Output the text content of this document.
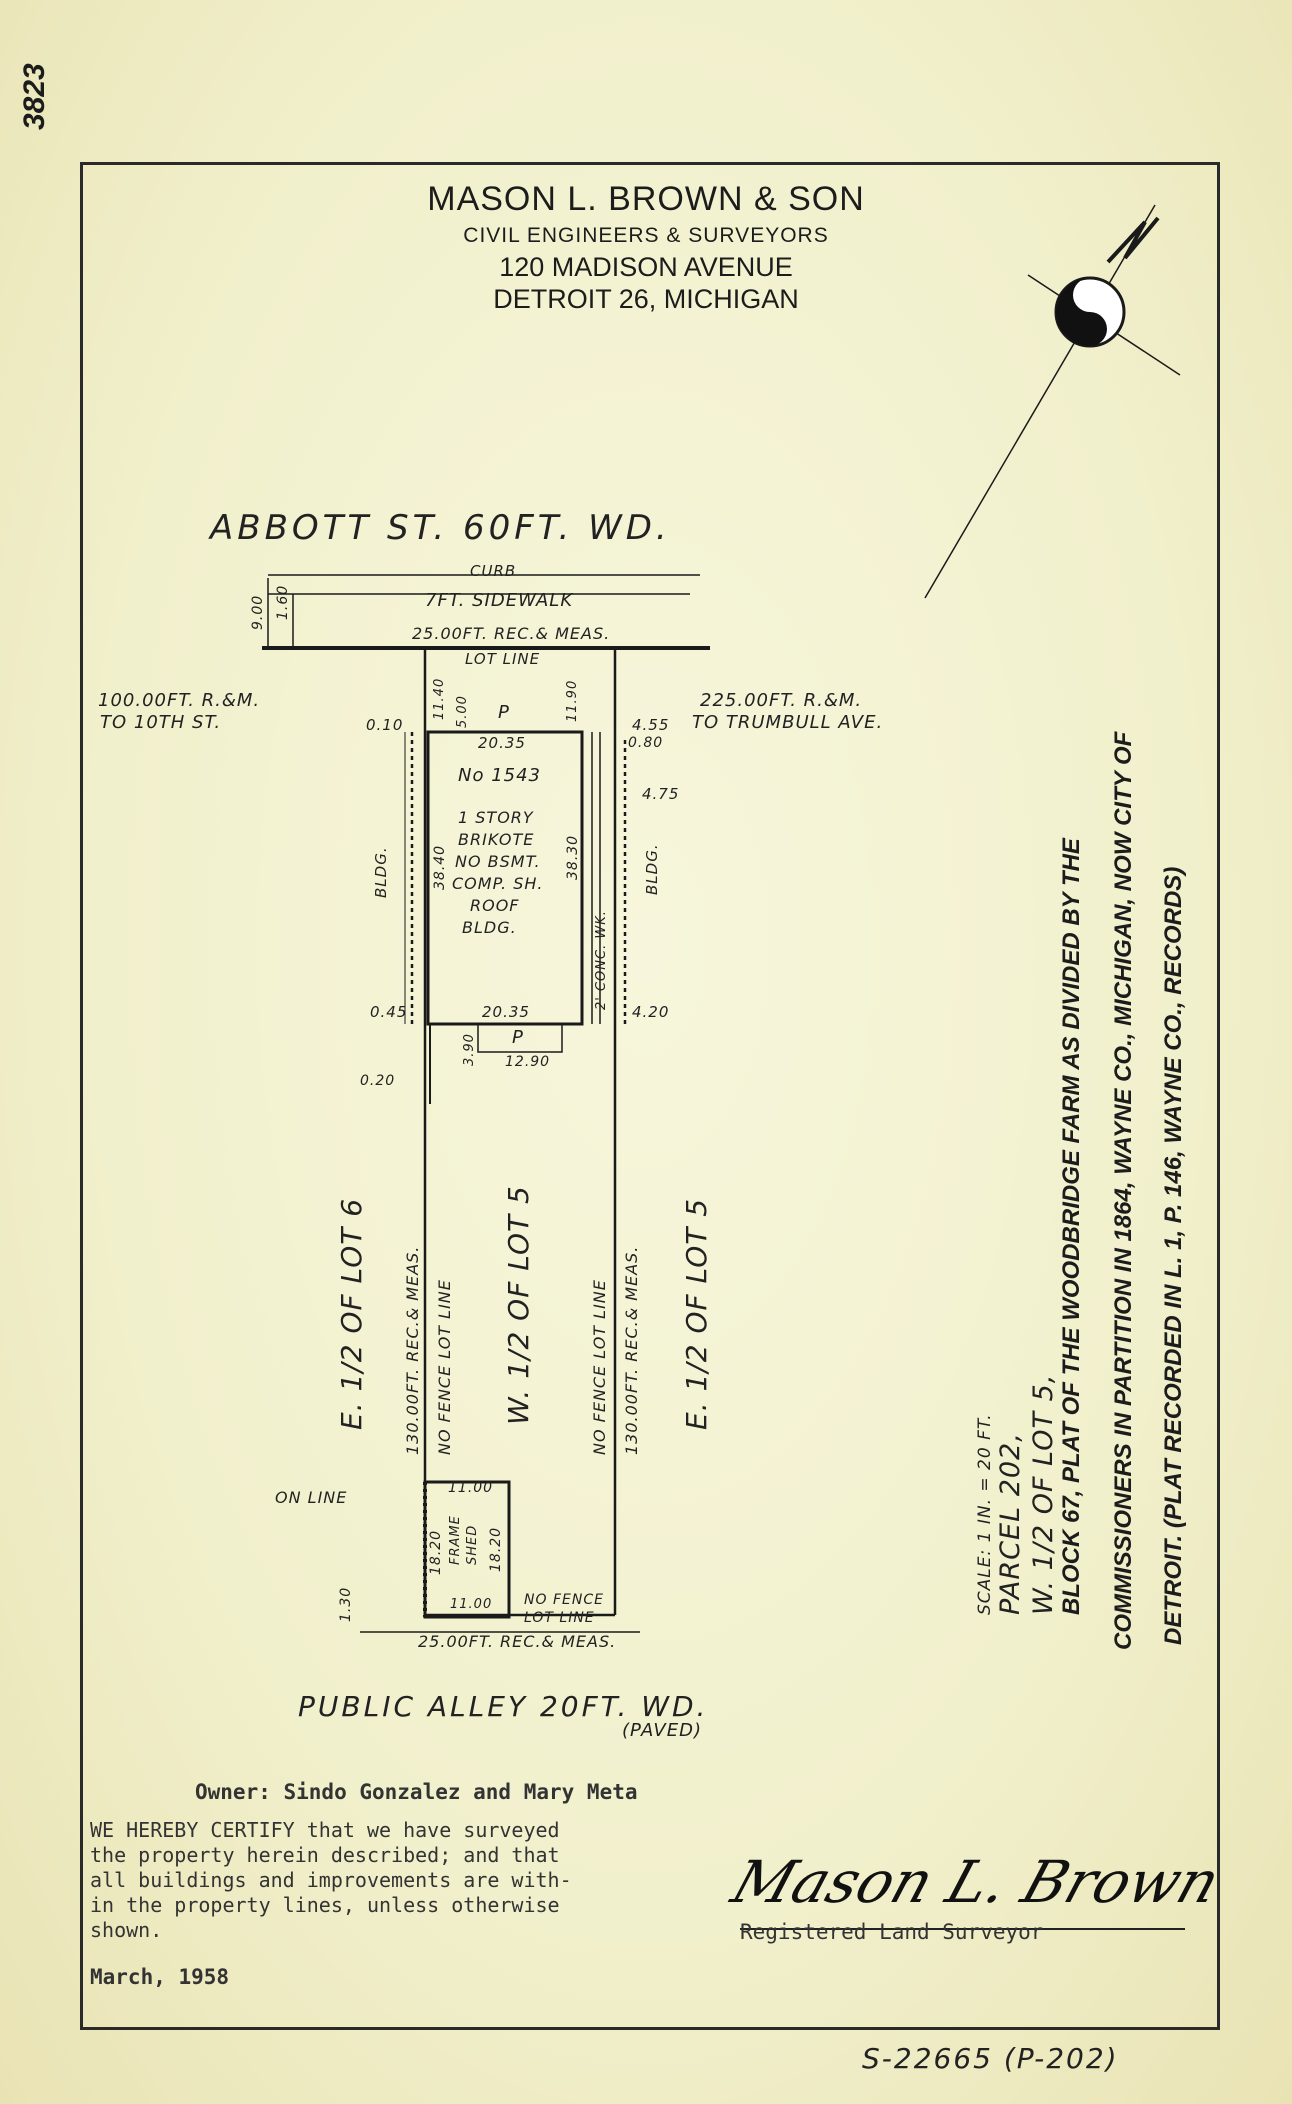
3823
MASON L. BROWN & SON
CIVIL ENGINEERS & SURVEYORS
120 MADISON AVENUE
DETROIT 26, MICHIGAN
ABBOTT ST. 60FT. WD.
CURB
7FT. SIDEWALK
25.00FT. REC.& MEAS.
LOT LINE
9.00 1.60
100.00FT. R.&M.
TO 10TH ST.
225.00FT. R.&M.
TO TRUMBULL AVE.
11.40 5.00	11.90
P
0.10	4.55
0.80
4.75
20.35
No 1543
1 STORY
BRIKOTE
NO BSMT.
COMP. SH.
ROOF
BLDG.
38.40	38.30
BLDG.
2' CONC. WK.
BLDG.
0.45	20.35	4.20
P
3.90 12.90
0.20
E. 1/2 OF LOT 6 130.00FT. REC.& MEAS. NO FENCE LOT LINE W. 1/2 OF LOT 5	NO FENCE LOT LINE 130.00FT. REC.& MEAS. E. 1/2 OF LOT 5
ON LINE	11.00
18.20 FRAME SHED 18.20
11.00 NO FENCE
LOT LINE
1.30
25.00FT. REC.& MEAS.
PUBLIC ALLEY 20FT. WD.
(PAVED)
SCALE: 1 IN. = 20 FT. PARCEL 202, W. 1/2 OF LOT 5, BLOCK 67, PLAT OF THE WOODBRIDGE FARM AS DIVIDED BY THE COMMISSIONERS IN PARTITION IN 1864, WAYNE CO., MICHIGAN, NOW CITY OF DETROIT. (PLAT RECORDED IN L. 1, P. 146, WAYNE CO., RECORDS)
Owner: Sindo Gonzalez and Mary Meta
WE HEREBY CERTIFY that we have surveyed
the property herein described; and that
all buildings and improvements are with-
in the property lines, unless otherwise
shown.
March, 1958
Mason L. Brown
Registered Land Surveyor
S-22665 (P-202)
